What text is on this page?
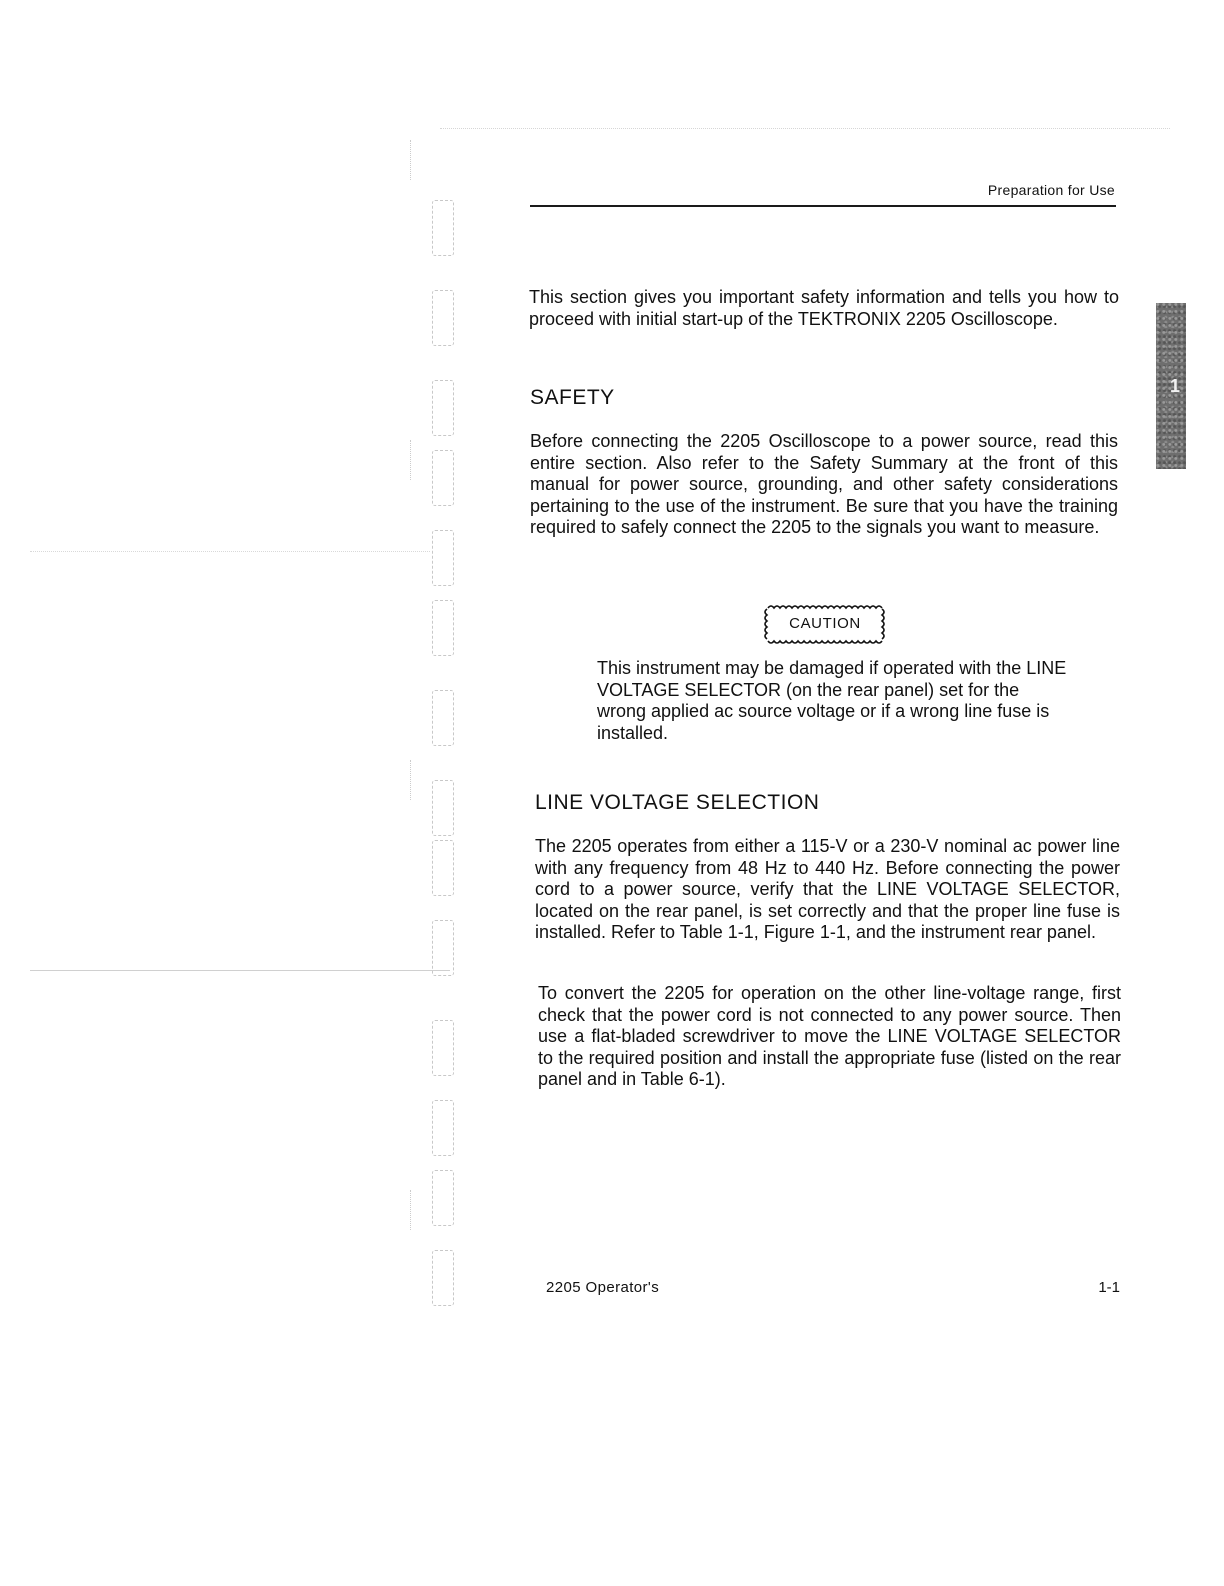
Preparation for Use
1
This section gives you important safety information and tells you how to proceed with initial start-up of the TEKTRONIX 2205 Oscilloscope.
SAFETY
Before connecting the 2205 Oscilloscope to a power source, read this entire section. Also refer to the Safety Summary at the front of this manual for power source, grounding, and other safety considerations pertaining to the use of the instrument. Be sure that you have the training required to safely connect the 2205 to the signals you want to measure.
CAUTION
This instrument may be damaged if operated with the LINE VOLTAGE SELECTOR (on the rear panel) set for the wrong applied ac source voltage or if a wrong line fuse is installed.
LINE VOLTAGE SELECTION
The 2205 operates from either a 115-V or a 230-V nominal ac power line with any frequency from 48 Hz to 440 Hz. Before connecting the power cord to a power source, verify that the LINE VOLTAGE SELECTOR, located on the rear panel, is set correctly and that the proper line fuse is installed. Refer to Table 1-1, Figure 1-1, and the instrument rear panel.
To convert the 2205 for operation on the other line-voltage range, first check that the power cord is not connected to any power source. Then use a flat-bladed screwdriver to move the LINE VOLTAGE SELECTOR to the required position and install the appropriate fuse (listed on the rear panel and in Table 6-1).
2205 Operator's	1-1
